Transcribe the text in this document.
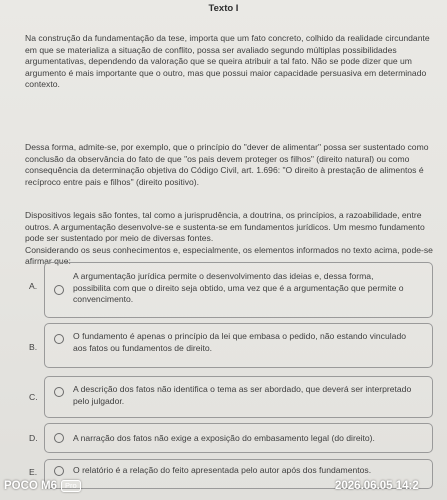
Texto I
Na construção da fundamentação da tese, importa que um fato concreto, colhido da realidade circundante
em que se materializa a situação de conflito, possa ser avaliado segundo múltiplas possibilidades
argumentativas, dependendo da valoração que se queira atribuir a tal fato. Não se pode dizer que um
argumento é mais importante que o outro, mas que possui maior capacidade persuasiva em determinado
contexto.
Dessa forma, admite-se, por exemplo, que o princípio do "dever de alimentar" possa ser sustentado como
conclusão da observância do fato de que "os pais devem proteger os filhos" (direito natural) ou como
consequência da determinação objetiva do Código Civil, art. 1.696: "O direito à prestação de alimentos é
recíproco entre pais e filhos" (direito positivo).
Dispositivos legais são fontes, tal como a jurisprudência, a doutrina, os princípios, a razoabilidade, entre
outros. A argumentação desenvolve-se e sustenta-se em fundamentos jurídicos. Um mesmo fundamento
pode ser sustentado por meio de diversas fontes.
Considerando os seus conhecimentos e, especialmente, os elementos informados no texto acima, pode-se
afirmar que:
A.
A argumentação jurídica permite o desenvolvimento das ideias e, dessa forma,
possibilita com que o direito seja obtido, uma vez que é a argumentação que permite o
convencimento.
B.
O fundamento é apenas o princípio da lei que embasa o pedido, não estando vinculado
aos fatos ou fundamentos de direito.
C.
A descrição dos fatos não identifica o tema as ser abordado, que deverá ser interpretado
pelo julgador.
D.	A narração dos fatos não exige a exposição do embasamento legal (do direito).
E.	O relatório é a relação do feito apresentada pelo autor após dos fundamentos.
POCO M6	Pro	2026.06.05 14:2
